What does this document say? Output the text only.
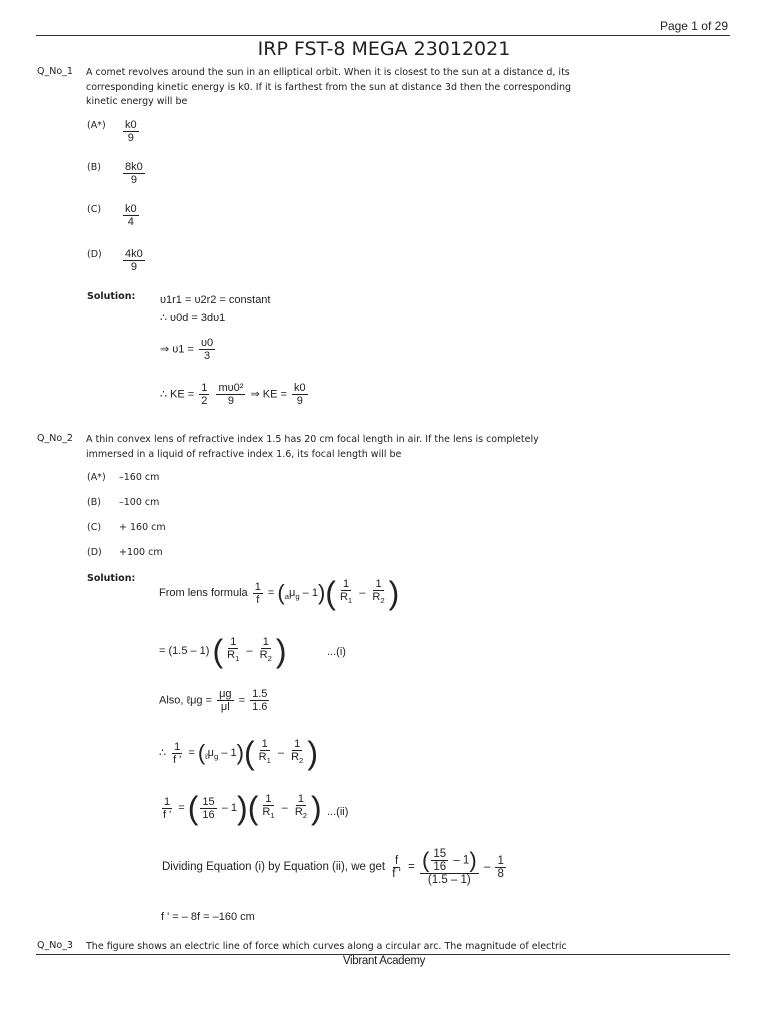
Page 1 of 29
IRP FST-8 MEGA 23012021
Q_No_1 A comet revolves around the sun in an elliptical orbit. When it is closest to the sun at a distance d, its corresponding kinetic energy is k0. If it is farthest from the sun at distance 3d then the corresponding kinetic energy will be
$(A*) \frac{k0}{9}$
$(B) \frac{8k0}{9}$
$(C) \frac{k0}{4}$
$(D) \frac{4k0}{9}$
Solution: υ1r1 = υ2r2 = constant
∴ υ0d = 3dυ1
⇒ $\upsilon 1 = \frac{\upsilon 0}{3}$
∴ KE = $\frac{1}{2}$
$\frac{\text{mυ0²}}{9}$ ⇒ KE = $\frac{k0}{9}$
Q_No_2 A thin convex lens of refractive index 1.5 has 20 cm focal length in air. If the lens is completely immersed in a liquid of refractive index 1.6, its focal length will be
(A*) –160 cm
(B) –100 cm
(C) + 160 cm
(D) +100 cm
Solution:
From lens formula $\frac{1}{f} = (_a\mu_g - 1)( \frac{1}{R_1} - \frac{1}{R_2}$ )
= (1.5 – 1) ( $\frac{1}{R_1} - \frac{1}{R_2}$ )	...(i)
Also, ℓμg = $\frac{\mu g}{\mu l} = \frac{1.5}{1.6}$
∴ $\frac{1}{f '} = (_\ell\mu_g - 1)( \frac{1}{R_1} - \frac{1}{R_2}$ )
$\frac{1}{f '}$ = ( $\frac{15}{16} - 1)( \frac{1}{R_1} - \frac{1}{R_2}$ ) ...(ii)
Dividing Equation (i) by Equation (ii), we get $\frac{f}{f '} = \frac{( \frac{15}{16} - 1)}{(1.5 - 1)} - \frac{1}{8}$
f ' = – 8f = –160 cm
Q_No_3 The figure shows an electric line of force which curves along a circular arc. The magnitude of electric
Vibrant Academy
